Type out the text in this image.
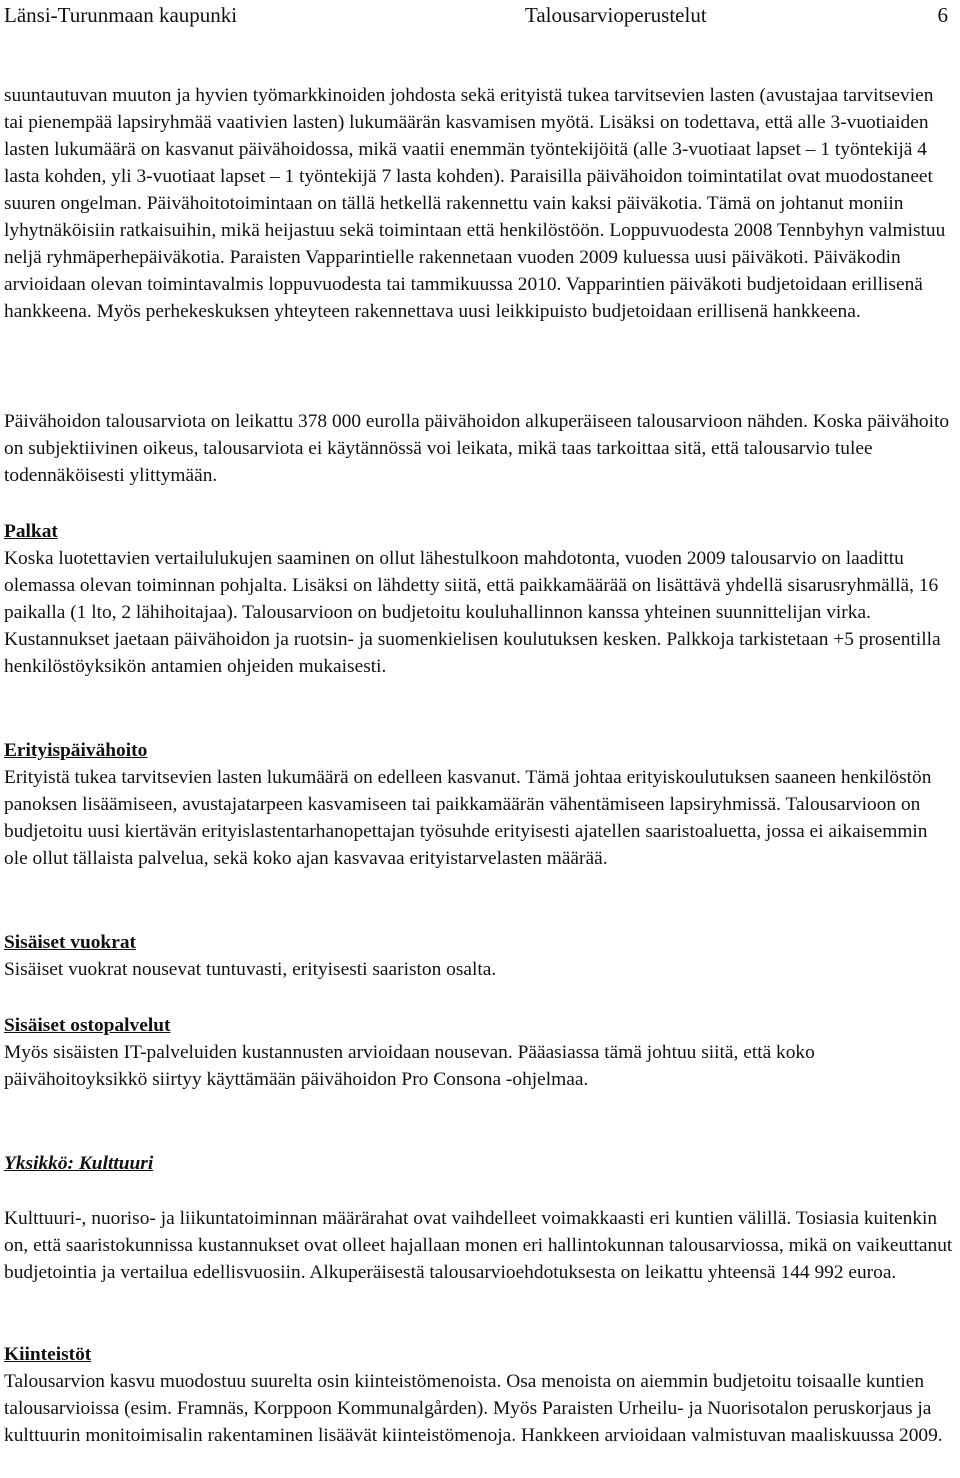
Länsi-Turunmaan kaupunki	Talousarvioperustelut	6

suuntautuvan muuton ja hyvien työmarkkinoiden johdosta sekä erityistä tukea tarvitsevien lasten (avustajaa tarvitsevien tai pienempää lapsiryhmää vaativien lasten) lukumäärän kasvamisen myötä. Lisäksi on todettava, että alle 3-vuotiaiden lasten lukumäärä on kasvanut päivähoidossa, mikä vaatii enemmän työntekijöitä (alle 3-vuotiaat lapset – 1 työntekijä 4 lasta kohden, yli 3-vuotiaat lapset – 1 työntekijä 7 lasta kohden). Paraisilla päivähoidon toimintatilat ovat muodostaneet suuren ongelman. Päivähoitotoimintaan on tällä hetkellä rakennettu vain kaksi päiväkotia. Tämä on johtanut moniin lyhytnäköisiin ratkaisuihin, mikä heijastuu sekä toimintaan että henkilöstöön. Loppuvuodesta 2008 Tennbyhyn valmistuu neljä ryhmäperhepäiväkotia. Paraisten Vapparintielle rakennetaan vuoden 2009 kuluessa uusi päiväkoti. Päiväkodin arvioidaan olevan toimintavalmis loppuvuodesta tai tammikuussa 2010. Vapparintien päiväkoti budjetoidaan erillisenä hankkeena. Myös perhekeskuksen yhteyteen rakennettava uusi leikkipuisto budjetoidaan erillisenä hankkeena.

Päivähoidon talousarviota on leikattu 378 000 eurolla päivähoidon alkuperäiseen talousarvioon nähden. Koska päivähoito on subjektiivinen oikeus, talousarviota ei käytännössä voi leikata, mikä taas tarkoittaa sitä, että talousarvio tulee todennäköisesti ylittymään.

Palkat

Koska luotettavien vertailulukujen saaminen on ollut lähestulkoon mahdotonta, vuoden 2009 talousarvio on laadittu olemassa olevan toiminnan pohjalta. Lisäksi on lähdetty siitä, että paikkamäärää on lisättävä yhdellä sisarusryhmällä, 16 paikalla (1 lto, 2 lähihoitajaa). Talousarvioon on budjetoitu kouluhallinnon kanssa yhteinen suunnittelijan virka. Kustannukset jaetaan päivähoidon ja ruotsin- ja suomenkielisen koulutuksen kesken. Palkkoja tarkistetaan +5 prosentilla henkilöstöyksikön antamien ohjeiden mukaisesti.

Erityispäivähoito

Erityistä tukea tarvitsevien lasten lukumäärä on edelleen kasvanut. Tämä johtaa erityiskoulutuksen saaneen henkilöstön panoksen lisäämiseen, avustajatarpeen kasvamiseen tai paikkamäärän vähentämiseen lapsiryhmissä. Talousarvioon on budjetoitu uusi kiertävän erityislastentarhanopettajan työsuhde erityisesti ajatellen saaristoaluetta, jossa ei aikaisemmin ole ollut tällaista palvelua, sekä koko ajan kasvavaa erityistarvelasten määrää.

Sisäiset vuokrat

Sisäiset vuokrat nousevat tuntuvasti, erityisesti saariston osalta.

Sisäiset ostopalvelut

Myös sisäisten IT-palveluiden kustannusten arvioidaan nousevan. Pääasiassa tämä johtuu siitä, että koko päivähoitoyksikkö siirtyy käyttämään päivähoidon Pro Consona -ohjelmaa.

Yksikkö: Kulttuuri

Kulttuuri-, nuoriso- ja liikuntatoiminnan määrärahat ovat vaihdelleet voimakkaasti eri kuntien välillä. Tosiasia kuitenkin on, että saaristokunnissa kustannukset ovat olleet hajallaan monen eri hallintokunnan talousarviossa, mikä on vaikeuttanut budjetointia ja vertailua edellisvuosiin. Alkuperäisestä talousarvioehdotuksesta on leikattu yhteensä 144 992 euroa.

Kiinteistöt

Talousarvion kasvu muodostuu suurelta osin kiinteistömenoista. Osa menoista on aiemmin budjetoitu toisaalle kuntien talousarvioissa (esim. Framnäs, Korppoon Kommunalgården). Myös Paraisten Urheilu- ja Nuorisotalon peruskorjaus ja kulttuurin monitoimisalin rakentaminen lisäävät kiinteistömenoja. Hankkeen arvioidaan valmistuvan maaliskuussa 2009.
